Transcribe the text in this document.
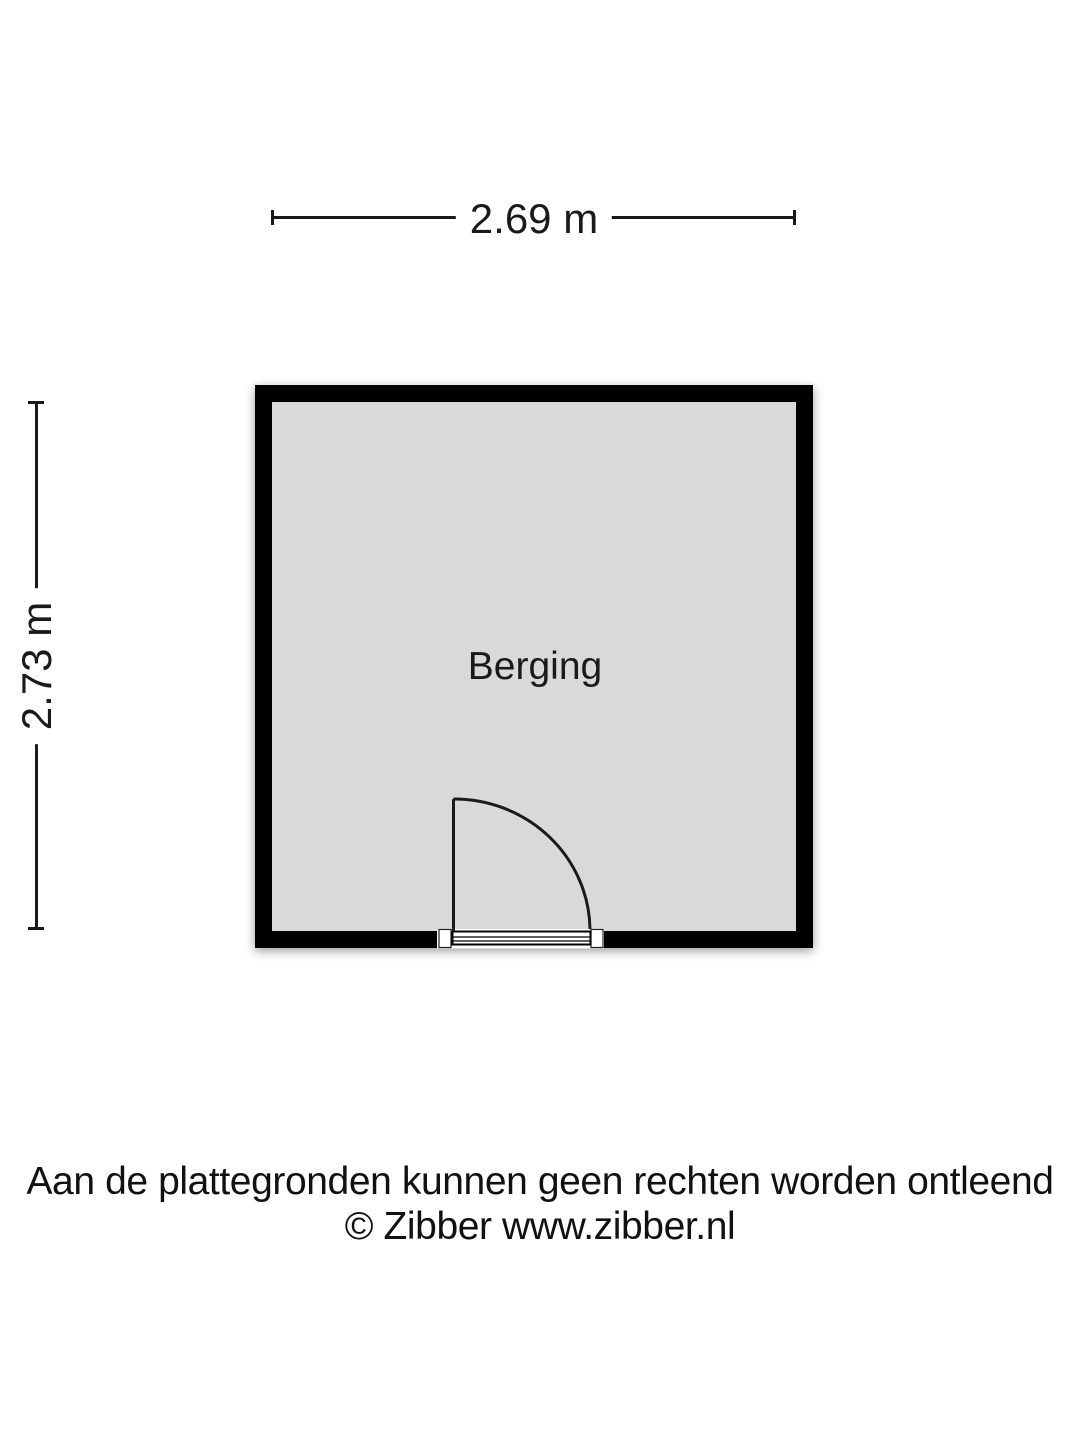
2.69 m
2.73 m	Berging
Aan de plattegronden kunnen geen rechten worden ontleend
© Zibber www.zibber.nl
